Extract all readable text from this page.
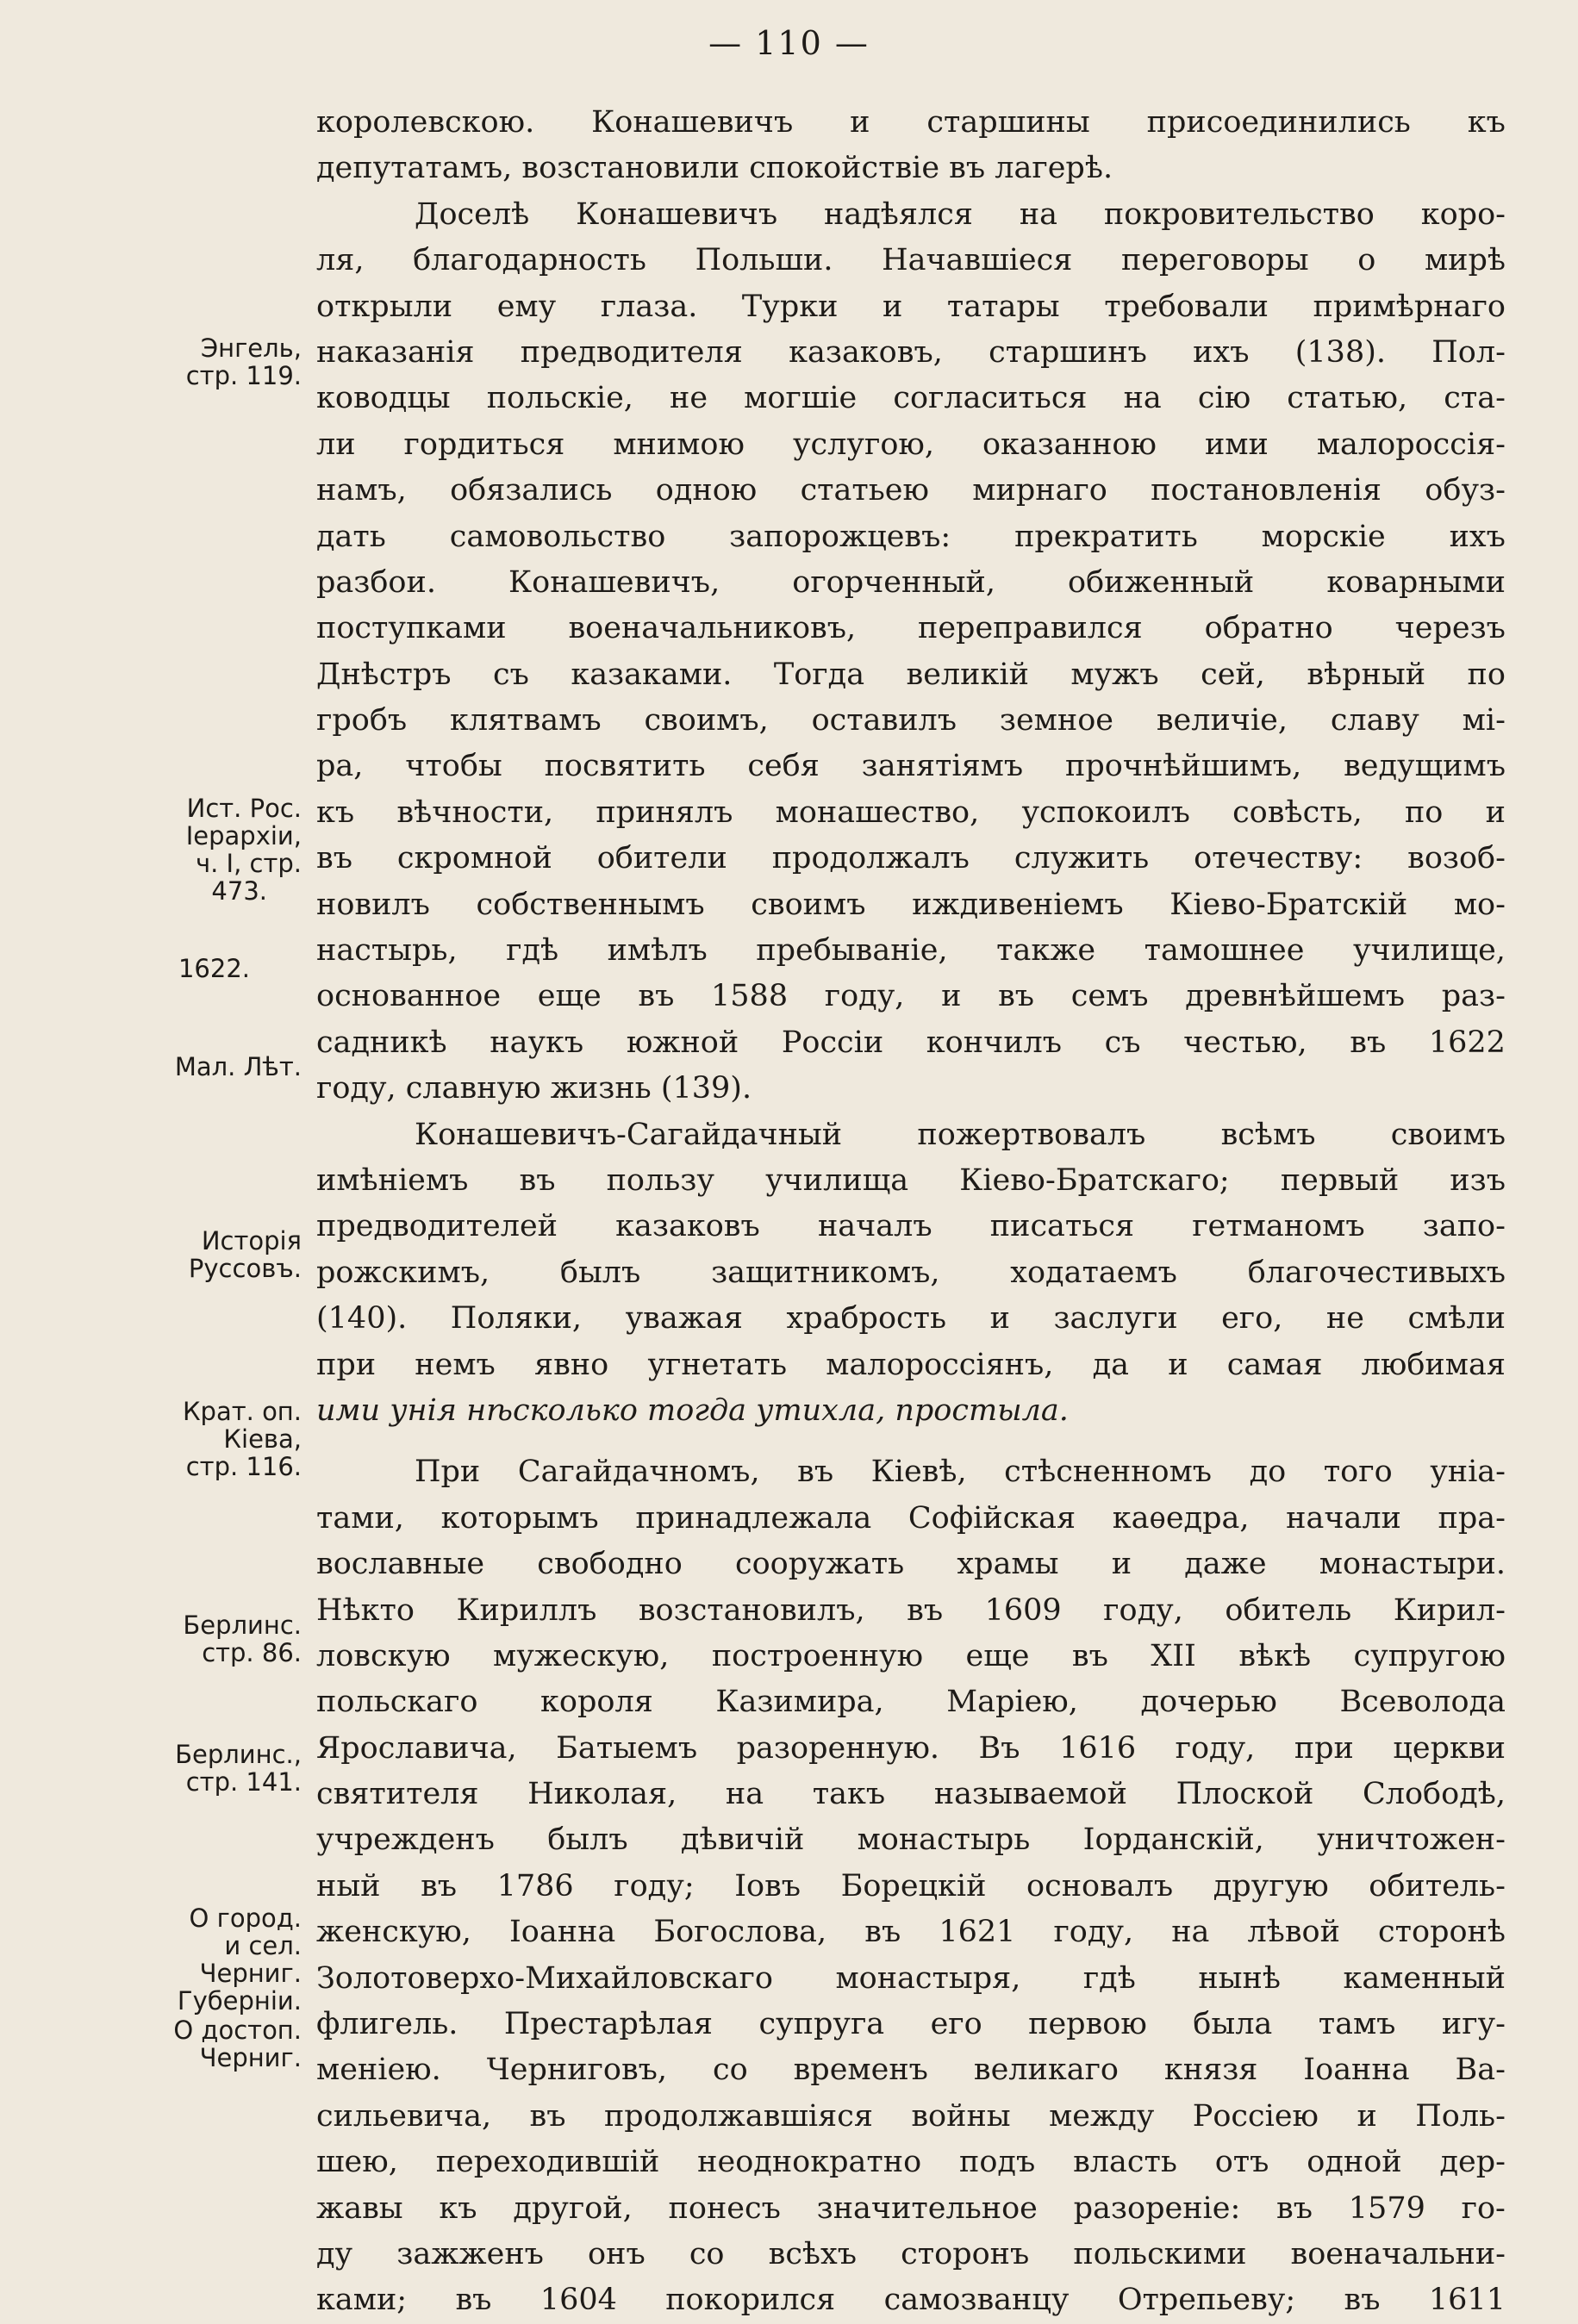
— 110 —
королевскою. Конашевичъ и старшины присоединились къ
депутатамъ, возстановили спокойствіе въ лагерѣ.
Доселѣ Конашевичъ надѣялся на покровительство коро-
ля, благодарность Польши. Начавшіеся переговоры о мирѣ
открыли ему глаза. Турки и татары требовали примѣрнаго
наказанія предводителя казаковъ, старшинъ ихъ (138). Пол-
ководцы польскіе, не могшіе согласиться на сію статью, ста-
ли гордиться мнимою услугою, оказанною ими малороссія-
намъ, обязались одною статьею мирнаго постановленія обуз-
дать самовольство запорожцевъ: прекратить морскіе ихъ
разбои. Конашевичъ, огорченный, обиженный коварными
поступками военачальниковъ, переправился обратно черезъ
Днѣстръ съ казаками. Тогда великій мужъ сей, вѣрный по
гробъ клятвамъ своимъ, оставилъ земное величіе, славу мі-
ра, чтобы посвятить себя занятіямъ прочнѣйшимъ, ведущимъ
къ вѣчности, принялъ монашество, успокоилъ совѣсть, по и
въ скромной обители продолжалъ служить отечеству: возоб-
новилъ собственнымъ своимъ иждивеніемъ Кіево-Братскій мо-
настырь, гдѣ имѣлъ пребываніе, также тамошнее училище,
основанное еще въ 1588 году, и въ семъ древнѣйшемъ раз-
садникѣ наукъ южной Россіи кончилъ съ честью, въ 1622
году, славную жизнь (139).
Конашевичъ-Сагайдачный пожертвовалъ всѣмъ своимъ
имѣніемъ въ пользу училища Кіево-Братскаго; первый изъ
предводителей казаковъ началъ писаться гетманомъ запо-
рожскимъ, былъ защитникомъ, ходатаемъ благочестивыхъ
(140). Поляки, уважая храбрость и заслуги его, не смѣли
при немъ явно угнетать малороссіянъ, да и самая любимая
ими унія нѣсколько тогда утихла, простыла.
При Сагайдачномъ, въ Кіевѣ, стѣсненномъ до того уніа-
тами, которымъ принадлежала Софійская каѳедра, начали пра-
вославные свободно сооружать храмы и даже монастыри.
Нѣкто Кириллъ возстановилъ, въ 1609 году, обитель Кирил-
ловскую мужескую, построенную еще въ XII вѣкѣ супругою
польскаго короля Казимира, Маріею, дочерью Всеволода
Ярославича, Батыемъ разоренную. Въ 1616 году, при церкви
святителя Николая, на такъ называемой Плоской Слободѣ,
учрежденъ былъ дѣвичій монастырь Іорданскій, уничтожен-
ный въ 1786 году; Іовъ Борецкій основалъ другую обитель-
женскую, Іоанна Богослова, въ 1621 году, на лѣвой сторонѣ
Золотоверхо-Михайловскаго монастыря, гдѣ нынѣ каменный
флигель. Престарѣлая супруга его первою была тамъ игу-
меніею. Черниговъ, со временъ великаго князя Іоанна Ва-
сильевича, въ продолжавшіяся войны между Россіею и Поль-
шею, переходившій неоднократно подъ власть отъ одной дер-
жавы къ другой, понесъ значительное разореніе: въ 1579 го-
ду зажженъ онъ со всѣхъ сторонъ польскими военачальни-
ками; въ 1604 покорился самозванцу Отрепьеву; въ 1611
Энгель,
стр. 119.
Ист. Рос.
Іерархіи,
ч. І, стр.
473.
1622.
Мал. Лѣт.
Исторія
Руссовъ.
Крат. оп.
Кіева,
стр. 116.
Берлинс.
стр. 86.
Берлинс.,
стр. 141.
О город.
и сел.
Черниг.
Губерніи.
О достоп.
Черниг.
